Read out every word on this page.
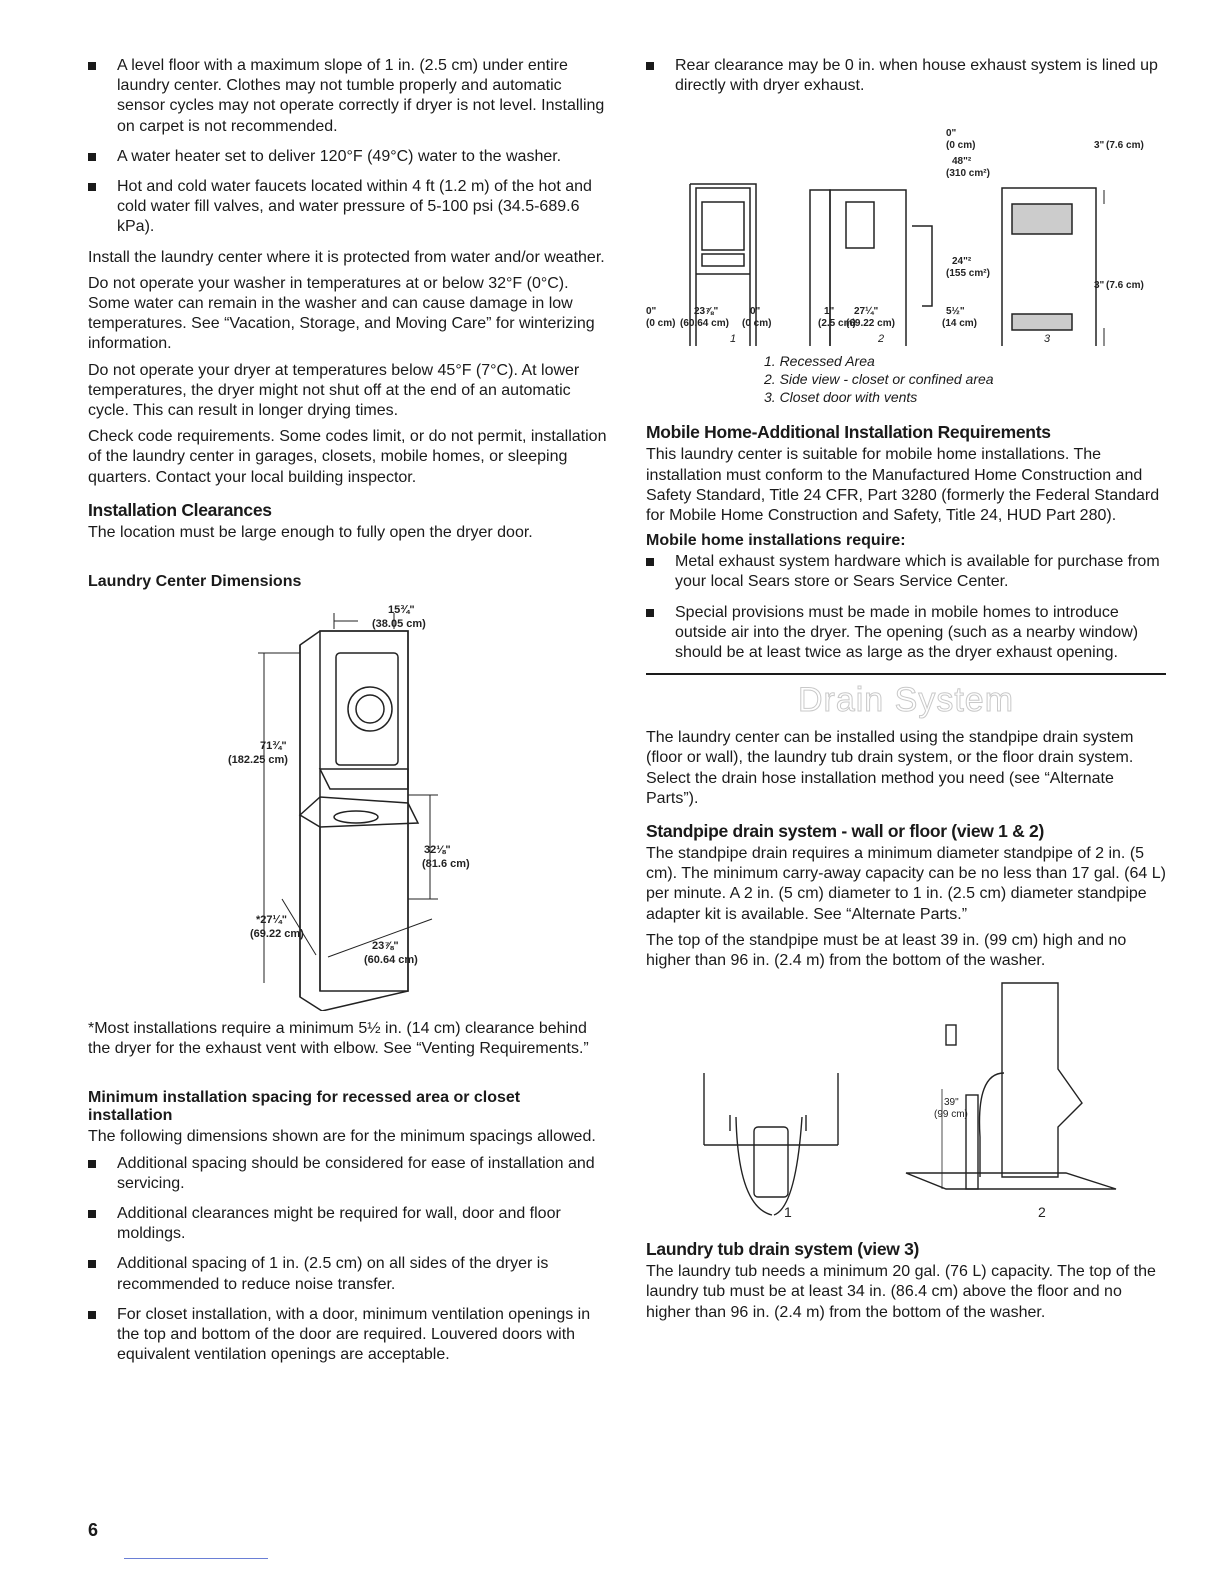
A level floor with a maximum slope of 1 in. (2.5 cm) under entire laundry center. Clothes may not tumble properly and automatic sensor cycles may not operate correctly if dryer is not level. Installing on carpet is not recommended.
A water heater set to deliver 120°F (49°C) water to the washer.
Hot and cold water faucets located within 4 ft (1.2 m) of the hot and cold water fill valves, and water pressure of 5-100 psi (34.5-689.6 kPa).

Install the laundry center where it is protected from water and/or weather.

Do not operate your washer in temperatures at or below 32°F (0°C). Some water can remain in the washer and can cause damage in low temperatures. See “Vacation, Storage, and Moving Care” for winterizing information.

Do not operate your dryer at temperatures below 45°F (7°C). At lower temperatures, the dryer might not shut off at the end of an automatic cycle. This can result in longer drying times.

Check code requirements. Some codes limit, or do not permit, installation of the laundry center in garages, closets, mobile homes, or sleeping quarters. Contact your local building inspector.

Installation Clearances

The location must be large enough to fully open the dryer door.

Laundry Center Dimensions
15¾"
(38.05 cm)
71¾"
(182.25 cm)
32⅛"
(81.6 cm)
*27¼"
(69.22 cm)
23⅞"
(60.64 cm)

*Most installations require a minimum 5½ in. (14 cm) clearance behind the dryer for the exhaust vent with elbow. See “Venting Requirements.”

Minimum installation spacing for recessed area or closet installation

The following dimensions shown are for the minimum spacings allowed.

Additional spacing should be considered for ease of installation and servicing.
Additional clearances might be required for wall, door and floor moldings.
Additional spacing of 1 in. (2.5 cm) on all sides of the dryer is recommended to reduce noise transfer.
For closet installation, with a door, minimum ventilation openings in the top and bottom of the door are required. Louvered doors with equivalent ventilation openings are acceptable.
Rear clearance may be 0 in. when house exhaust system is lined up directly with dryer exhaust.
0"
(0 cm)
23⅞"
(60.64 cm)
0"
(0 cm)
1"
(2.5 cm)
27¼"
(69.22 cm)
5½"
(14 cm)
0"
(0 cm)
48"²
(310 cm²)
24"²
(155 cm²)
3" (7.6 cm)
3" (7.6 cm)
1	2	3
1. Recessed Area
2. Side view - closet or confined area
3. Closet door with vents
Mobile Home-Additional Installation Requirements

This laundry center is suitable for mobile home installations. The installation must conform to the Manufactured Home Construction and Safety Standard, Title 24 CFR, Part 3280 (formerly the Federal Standard for Mobile Home Construction and Safety, Title 24, HUD Part 280).

Mobile home installations require:
Metal exhaust system hardware which is available for purchase from your local Sears store or Sears Service Center.
Special provisions must be made in mobile homes to introduce outside air into the dryer. The opening (such as a nearby window) should be at least twice as large as the dryer exhaust opening.
Drain System

The laundry center can be installed using the standpipe drain system (floor or wall), the laundry tub drain system, or the floor drain system. Select the drain hose installation method you need (see “Alternate Parts”).

Standpipe drain system - wall or floor (view 1 & 2)

The standpipe drain requires a minimum diameter standpipe of 2 in. (5 cm). The minimum carry-away capacity can be no less than 17 gal. (64 L) per minute. A 2 in. (5 cm) diameter to 1 in. (2.5 cm) diameter standpipe adapter kit is available. See “Alternate Parts.”

The top of the standpipe must be at least 39 in. (99 cm) high and no higher than 96 in. (2.4 m) from the bottom of the washer.

39"
(99 cm)
1	2
Laundry tub drain system (view 3)

The laundry tub needs a minimum 20 gal. (76 L) capacity. The top of the laundry tub must be at least 34 in. (86.4 cm) above the floor and no higher than 96 in. (2.4 m) from the bottom of the washer.

6
